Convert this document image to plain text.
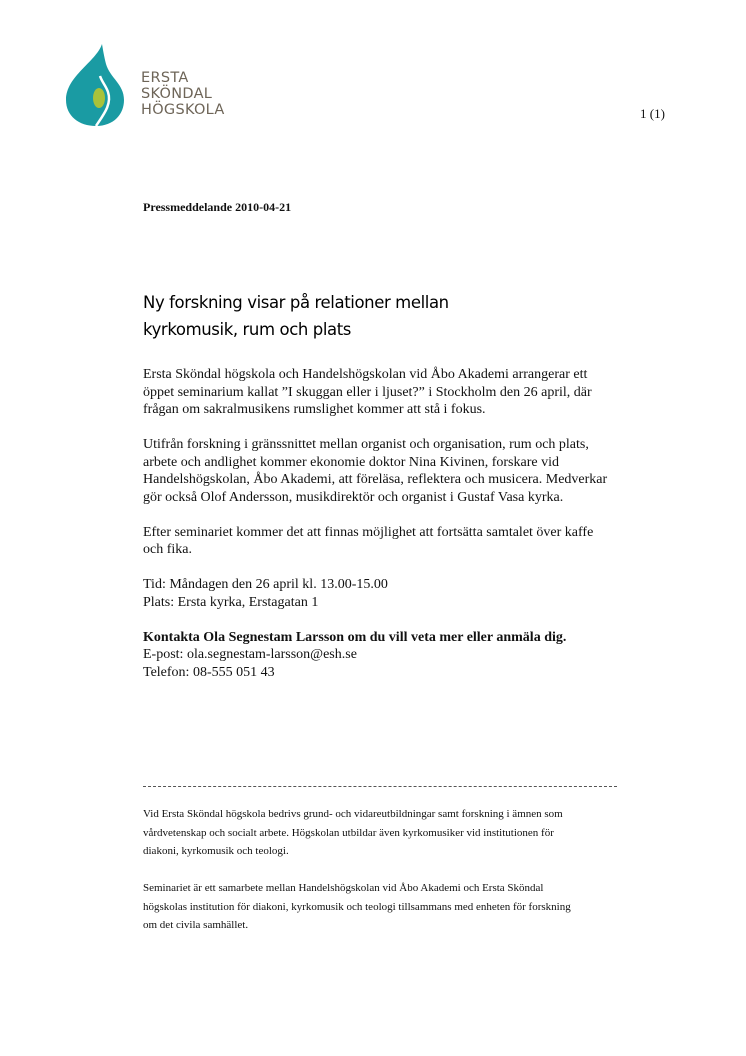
ERSTA
SKÖNDAL
HÖGSKOLA	1 (1)
Pressmeddelande 2010-04-21
Ny forskning visar på relationer mellan
kyrkomusik, rum och plats

Ersta Sköndal högskola och Handelshögskolan vid Åbo Akademi arrangerar ett
öppet seminarium kallat ”I skuggan eller i ljuset?” i Stockholm den 26 april, där
frågan om sakralmusikens rumslighet kommer att stå i fokus.

Utifrån forskning i gränssnittet mellan organist och organisation, rum och plats,
arbete och andlighet kommer ekonomie doktor Nina Kivinen, forskare vid
Handelshögskolan, Åbo Akademi, att föreläsa, reflektera och musicera. Medverkar
gör också Olof Andersson, musikdirektör och organist i Gustaf Vasa kyrka.

Efter seminariet kommer det att finnas möjlighet att fortsätta samtalet över kaffe
och fika.

Tid: Måndagen den 26 april kl. 13.00-15.00
Plats: Ersta kyrka, Erstagatan 1

Kontakta Ola Segnestam Larsson om du vill veta mer eller anmäla dig.
E-post: ola.segnestam-larsson@esh.se
Telefon: 08-555 051 43

Vid Ersta Sköndal högskola bedrivs grund- och vidareutbildningar samt forskning i ämnen som
vårdvetenskap och socialt arbete. Högskolan utbildar även kyrkomusiker vid institutionen för
diakoni, kyrkomusik och teologi.

Seminariet är ett samarbete mellan Handelshögskolan vid Åbo Akademi och Ersta Sköndal
högskolas institution för diakoni, kyrkomusik och teologi tillsammans med enheten för forskning
om det civila samhället.
